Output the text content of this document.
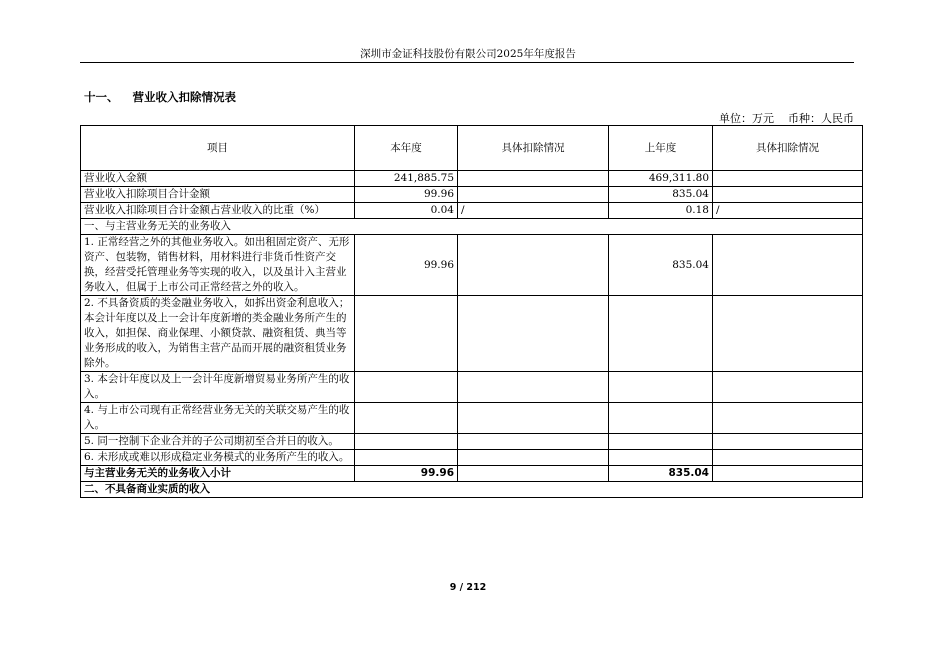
深圳市金证科技股份有限公司2025年年度报告
十一、 营业收入扣除情况表
单位：万元 币种：人民币
项目	本年度	具体扣除情况	上年度	具体扣除情况
营业收入金额	241,885.75		469,311.80	
营业收入扣除项目合计金额	99.96		835.04	
营业收入扣除项目合计金额占营业收入的比重（%）	0.04	/	0.18	/
一、与主营业务无关的业务收入				
1. 正常经营之外的其他业务收入。如出租固定资产、无形资产、包装物，销售材料，用材料进行非货币性资产交换，经营受托管理业务等实现的收入，以及虽计入主营业务收入，但属于上市公司正常经营之外的收入。	99.96		835.04	
2. 不具备资质的类金融业务收入，如拆出资金利息收入；本会计年度以及上一会计年度新增的类金融业务所产生的收入，如担保、商业保理、小额贷款、融资租赁、典当等业务形成的收入，为销售主营产品而开展的融资租赁业务除外。				
3. 本会计年度以及上一会计年度新增贸易业务所产生的收入。				
4. 与上市公司现有正常经营业务无关的关联交易产生的收入。				
5. 同一控制下企业合并的子公司期初至合并日的收入。				
6. 未形成或难以形成稳定业务模式的业务所产生的收入。				
与主营业务无关的业务收入小计	99.96		835.04	
二、不具备商业实质的收入				
9 / 212
